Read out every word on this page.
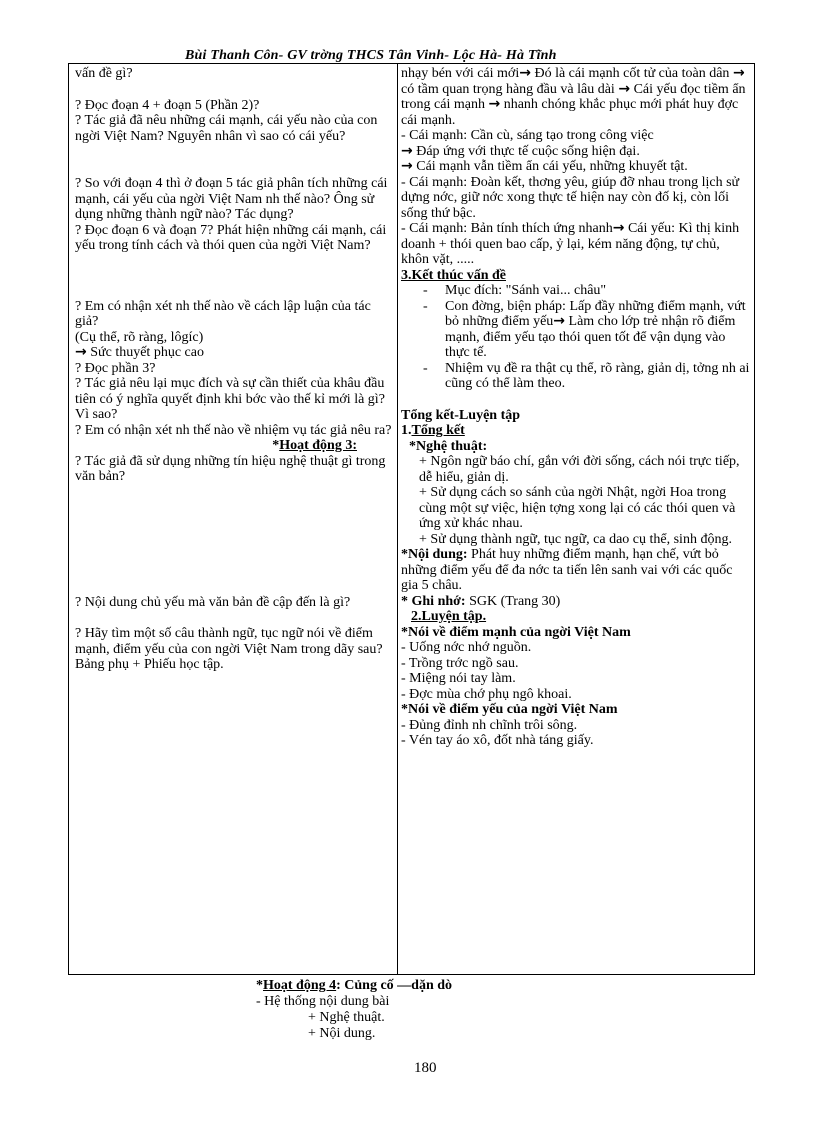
Bùi Thanh Côn- GV trờng THCS Tân Vinh- Lộc Hà- Hà Tĩnh

vấn đề gì?

? Đọc đoạn 4 + đoạn 5 (Phần 2)?

? Tác giả đã nêu những cái mạnh, cái yếu nào của con ngời Việt Nam? Nguyên nhân vì sao có cái yếu?

? So với đoạn 4 thì ở đoạn 5 tác giả phân tích những cái mạnh, cái yếu của ngời Việt Nam nh thế nào? Ông sử dụng những thành ngữ nào? Tác dụng?

? Đọc đoạn 6 và đoạn 7? Phát hiện những cái mạnh, cái yếu trong tính cách và thói quen của ngời Việt Nam?

? Em có nhận xét nh thế nào về cách lập luận của tác giả?

(Cụ thể, rõ ràng, lôgíc)

→ Sức thuyết phục cao

? Đọc phần 3?

? Tác giả nêu lại mục đích và sự cần thiết của khâu đầu tiên có ý nghĩa quyết định khi bớc vào thế kỉ mới là gì? Vì sao?

? Em có nhận xét nh thế nào về nhiệm vụ tác giả nêu ra?

*Hoạt động 3:

? Tác giả đã sử dụng những tín hiệu nghệ thuật gì trong văn bản?

? Nội dung chủ yếu mà văn bản đề cập đến là gì?

? Hãy tìm một số câu thành ngữ, tục ngữ nói về điểm mạnh, điểm yếu của con ngời Việt Nam trong dãy sau? Bảng phụ + Phiếu học tập.

nhạy bén với cái mới→ Đó là cái mạnh cốt tử của toàn dân → có tầm quan trọng hàng đầu và lâu dài → Cái yếu đọc tiềm ẩn trong cái mạnh → nhanh chóng khắc phục mới phát huy đợc cái mạnh.

- Cái mạnh: Cần cù, sáng tạo trong công việc

→ Đáp ứng với thực tế cuộc sống hiện đại.

→ Cái mạnh vẫn tiềm ẩn cái yếu, những khuyết tật.

- Cái mạnh: Đoàn kết, thơng yêu, giúp đỡ nhau trong lịch sử dựng nớc, giữ nớc xong thực tế hiện nay còn đố kị, còn lối sống thứ bậc.

- Cái mạnh: Bản tính thích ứng nhanh→ Cái yếu: Kì thị kinh doanh + thói quen bao cấp, ỷ lại, kém năng động, tự chủ, khôn vặt, .....

3.Kết thúc vấn đề

-	Mục đích: "Sánh vai... châu"
-	Con đờng, biện pháp: Lấp đầy những điểm mạnh, vứt bỏ những điểm yếu→ Làm cho lớp trẻ nhận rõ điểm mạnh, điểm yếu tạo thói quen tốt để vận dụng vào thực tế.
-	Nhiệm vụ đề ra thật cụ thể, rõ ràng, giản dị, tởng nh ai cũng có thể làm theo.

Tổng kết-Luyện tập

1.Tổng kết

*Nghệ thuật:

+ Ngôn ngữ báo chí, gắn với đời sống, cách nói trực tiếp, dễ hiểu, giản dị.

+ Sử dụng cách so sánh của ngời Nhật, ngời Hoa trong cùng một sự việc, hiện tợng xong lại có các thói quen và ứng xử khác nhau.

+ Sử dụng thành ngữ, tục ngữ, ca dao cụ thể, sinh động.

*Nội dung: Phát huy những điểm mạnh, hạn chế, vứt bỏ những điểm yếu để đa nớc ta tiến lên sanh vai với các quốc gia 5 châu.

* Ghi nhớ: SGK (Trang 30)

2.Luyện tập.

*Nói về điểm mạnh của ngời Việt Nam

- Uống nớc nhớ nguồn.

- Trồng trớc ngồ sau.

- Miệng nói tay làm.

- Đợc mùa chớ phụ ngô khoai.

*Nói về điểm yếu của ngời Việt Nam

- Đủng đỉnh nh chĩnh trôi sông.

- Vén tay áo xô, đốt nhà táng giấy.

*Hoạt động 4: Củng cố —dặn dò

- Hệ thống nội dung bài

+ Nghệ thuật.

+ Nội dung.

180
